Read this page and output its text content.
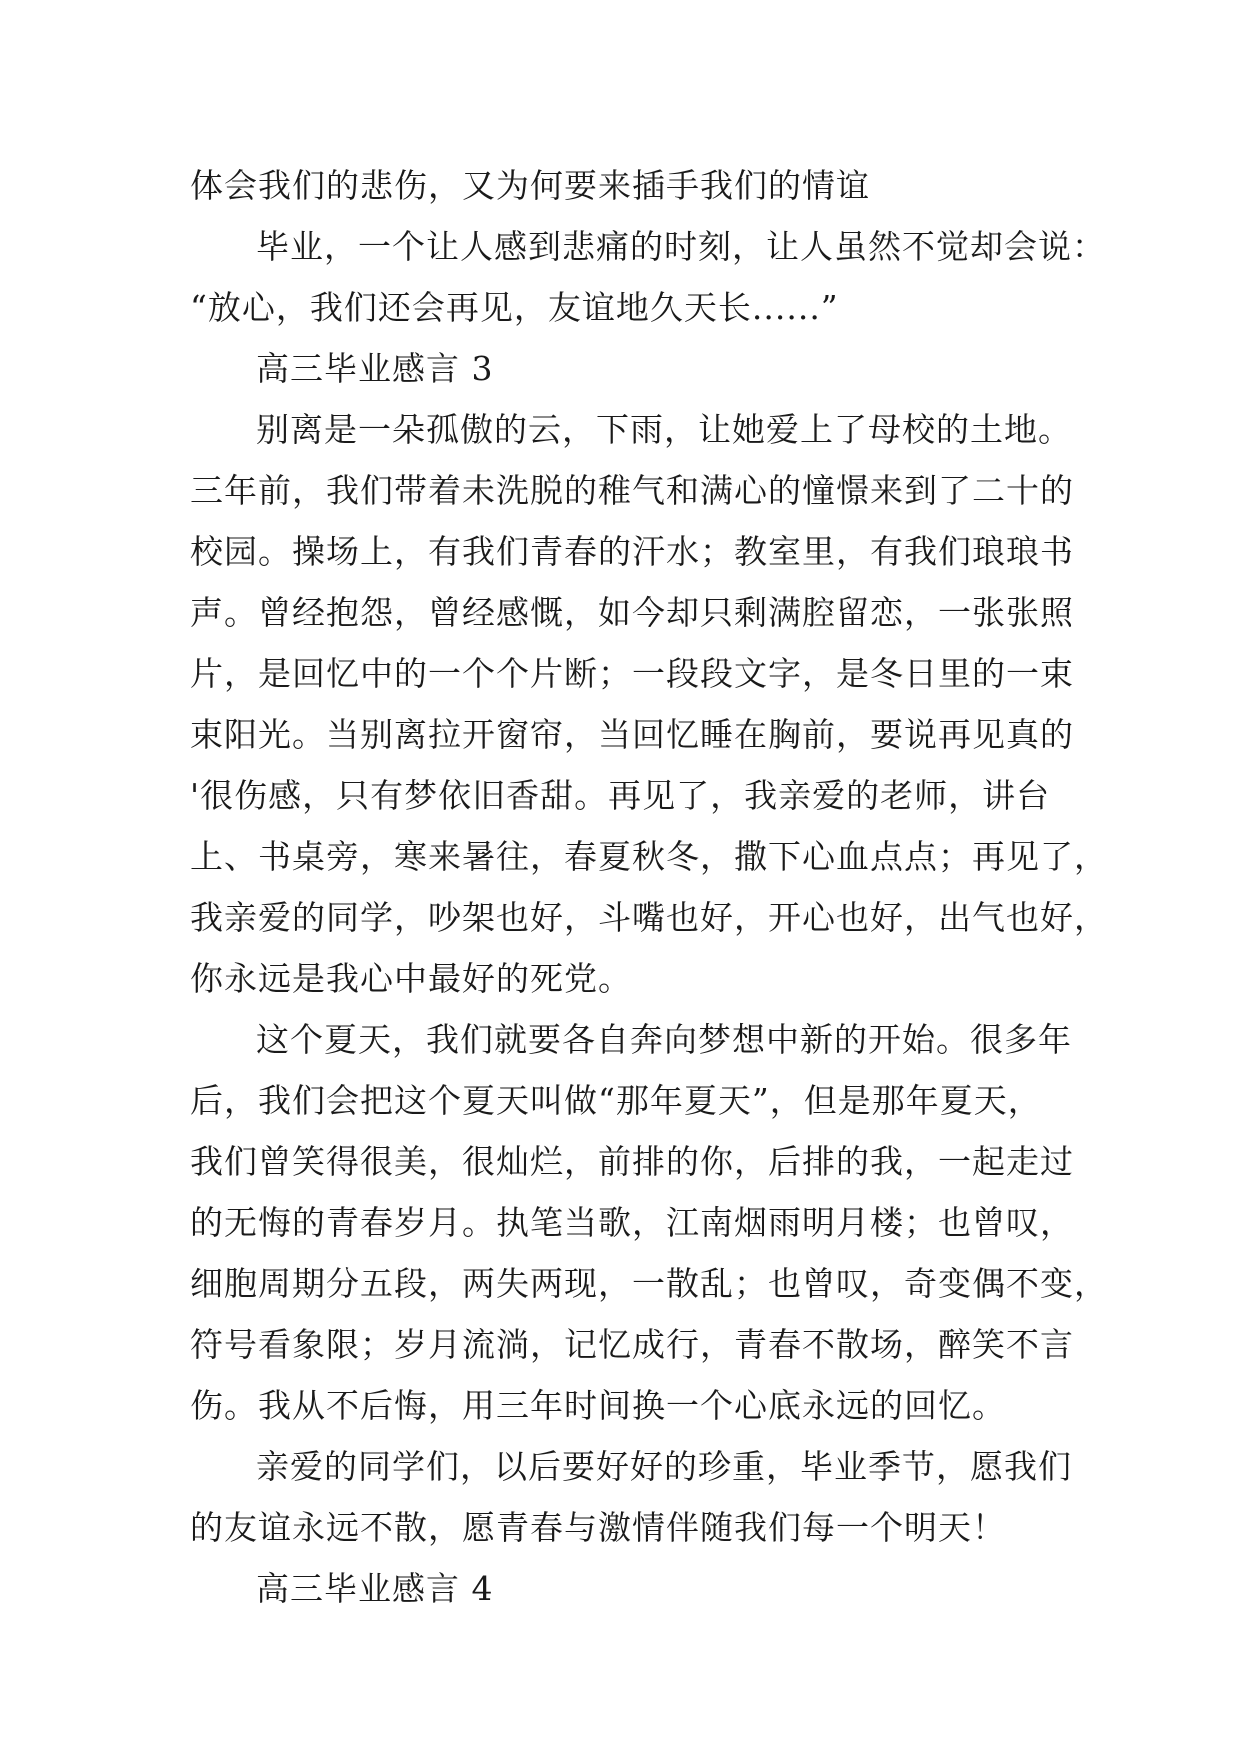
体会我们的悲伤，又为何要来插手我们的情谊
毕业，一个让人感到悲痛的时刻，让人虽然不觉却会说：
“放心，我们还会再见，友谊地久天长......”
高三毕业感言 3
别离是一朵孤傲的云，下雨，让她爱上了母校的土地。
三年前，我们带着未洗脱的稚气和满心的憧憬来到了二十的
校园。操场上，有我们青春的汗水；教室里，有我们琅琅书
声。曾经抱怨，曾经感慨，如今却只剩满腔留恋，一张张照
片，是回忆中的一个个片断；一段段文字，是冬日里的一束
束阳光。当别离拉开窗帘，当回忆睡在胸前，要说再见真的
'很伤感，只有梦依旧香甜。再见了，我亲爱的老师，讲台
上、书桌旁，寒来暑往，春夏秋冬，撒下心血点点；再见了，
我亲爱的同学，吵架也好，斗嘴也好，开心也好，出气也好，
你永远是我心中最好的死党。
这个夏天，我们就要各自奔向梦想中新的开始。很多年
后，我们会把这个夏天叫做“那年夏天”，但是那年夏天，
我们曾笑得很美，很灿烂，前排的你，后排的我，一起走过
的无悔的青春岁月。执笔当歌，江南烟雨明月楼；也曾叹，
细胞周期分五段，两失两现，一散乱；也曾叹，奇变偶不变，
符号看象限；岁月流淌，记忆成行，青春不散场，醉笑不言
伤。我从不后悔，用三年时间换一个心底永远的回忆。
亲爱的同学们，以后要好好的珍重，毕业季节，愿我们
的友谊永远不散，愿青春与激情伴随我们每一个明天！
高三毕业感言 4
